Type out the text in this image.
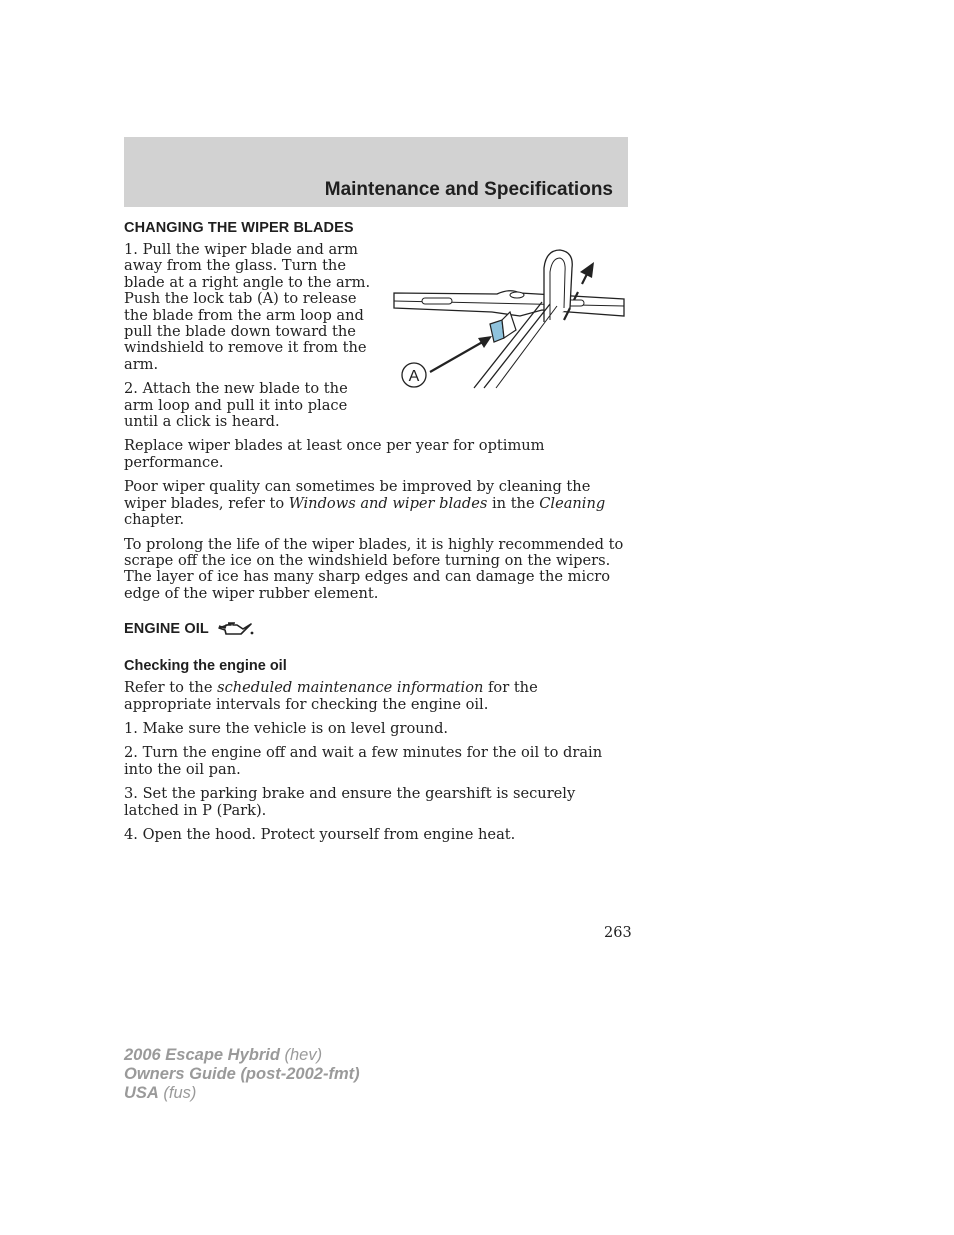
Maintenance and Specifications
CHANGING THE WIPER BLADES

1. Pull the wiper blade and arm away from the glass. Turn the blade at a right angle to the arm. Push the lock tab (A) to release the blade from the arm loop and pull the blade down toward the windshield to remove it from the arm.

2. Attach the new blade to the arm loop and pull it into place until a click is heard.

A

Replace wiper blades at least once per year for optimum performance.

Poor wiper quality can sometimes be improved by cleaning the wiper blades, refer to Windows and wiper blades in the Cleaning chapter.

To prolong the life of the wiper blades, it is highly recommended to scrape off the ice on the windshield before turning on the wipers. The layer of ice has many sharp edges and can damage the micro edge of the wiper rubber element.

ENGINE OIL
Checking the engine oil

Refer to the scheduled maintenance information for the appropriate intervals for checking the engine oil.

1. Make sure the vehicle is on level ground.

2. Turn the engine off and wait a few minutes for the oil to drain into the oil pan.

3. Set the parking brake and ensure the gearshift is securely latched in P (Park).

4. Open the hood. Protect yourself from engine heat.

263
2006 Escape Hybrid (hev)
Owners Guide (post-2002-fmt)
USA (fus)
